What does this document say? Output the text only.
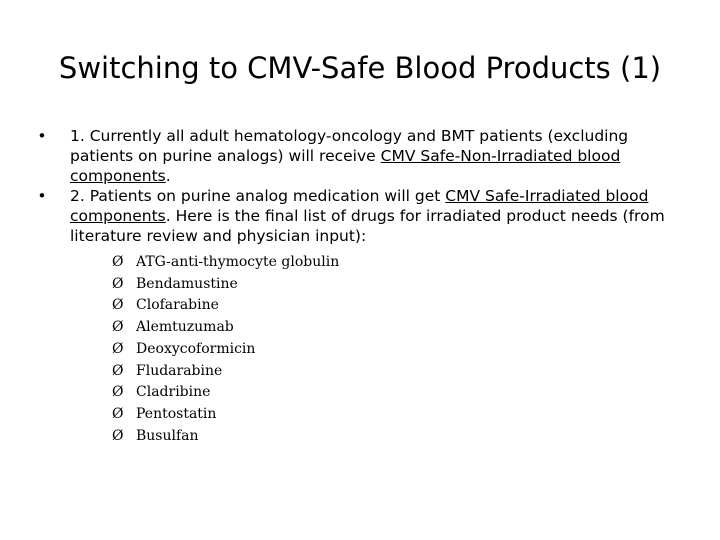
Switching to CMV-Safe Blood Products (1)
• 1. Currently all adult hematology-oncology and BMT patients (excluding patients on purine analogs) will receive CMV Safe-Non-Irradiated blood components.
• 2. Patients on purine analog medication will get CMV Safe-Irradiated blood components. Here is the final list of drugs for irradiated product needs (from literature review and physician input):
Ø ATG-anti-thymocyte globulin
Ø Bendamustine
Ø Clofarabine
Ø Alemtuzumab
Ø Deoxycoformicin
Ø Fludarabine
Ø Cladribine
Ø Pentostatin
Ø Busulfan
